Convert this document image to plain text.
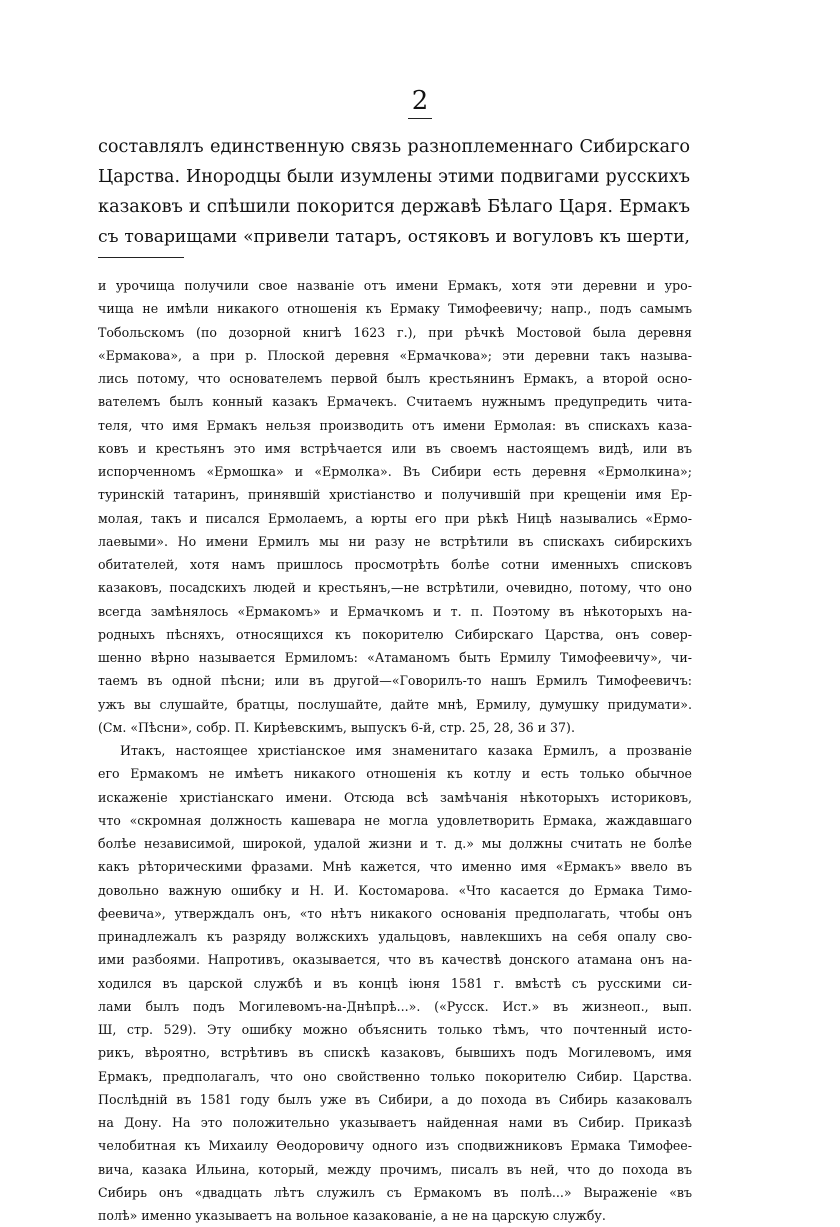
2
составлялъ единственную связь разноплеменнаго Сибирскаго
Царства. Инородцы были изумлены этими подвигами русскихъ
казаковъ и спѣшили покорится державѣ Бѣлаго Царя. Ермакъ
съ товарищами «привели татаръ, остяковъ и вогуловъ къ шерти,
и урочища получили свое названіе отъ имени Ермакъ, хотя эти деревни и уро-
чища не имѣли никакого отношенія къ Ермаку Тимофеевичу; напр., подъ самымъ
Тобольскомъ (по дозорной книгѣ 1623 г.), при рѣчкѣ Мостовой была деревня
«Ермакова», а при р. Плоской деревня «Ермачкова»; эти деревни такъ называ-
лись потому, что основателемъ первой былъ крестьянинъ Ермакъ, а второй осно-
вателемъ былъ конный казакъ Ермачекъ. Считаемъ нужнымъ предупредить чита-
теля, что имя Ермакъ нельзя производить отъ имени Ермолая: въ спискахъ каза-
ковъ и крестьянъ это имя встрѣчается или въ своемъ настоящемъ видѣ, или въ
испорченномъ «Ермошка» и «Ермолка». Въ Сибири есть деревня «Ермолкина»;
туринскій татаринъ, принявшій христіанство и получившій при крещеніи имя Ер-
молая, такъ и писался Ермолаемъ, а юрты его при рѣкѣ Ницѣ назывались «Ермо-
лаевыми». Но имени Ермилъ мы ни разу не встрѣтили въ спискахъ сибирскихъ
обитателей, хотя намъ пришлось просмотрѣть болѣе сотни именныхъ списковъ
казаковъ, посадскихъ людей и крестьянъ,—не встрѣтили, очевидно, потому, что оно
всегда замѣнялось «Ермакомъ» и Ермачкомъ и т. п. Поэтому въ нѣкоторыхъ на-
родныхъ пѣсняхъ, относящихся къ покорителю Сибирскаго Царства, онъ совер-
шенно вѣрно называется Ермиломъ: «Атаманомъ быть Ермилу Тимофеевичу», чи-
таемъ въ одной пѣсни; или въ другой—«Говорилъ-то нашъ Ермилъ Тимофеевичъ:
ужъ вы слушайте, братцы, послушайте, дайте мнѣ, Ермилу, думушку придумати».
(См. «Пѣсни», собр. П. Кирѣевскимъ, выпускъ 6-й, стр. 25, 28, 36 и 37).
Итакъ, настоящее христіанское имя знаменитаго казака Ермилъ, а прозваніе
его Ермакомъ не имѣетъ никакого отношенія къ котлу и есть только обычное
искаженіе христіанскаго имени. Отсюда всѣ замѣчанія нѣкоторыхъ историковъ,
что «скромная должность кашевара не могла удовлетворить Ермака, жаждавшаго
болѣе независимой, широкой, удалой жизни и т. д.» мы должны считать не болѣе
какъ рѣторическими фразами. Мнѣ кажется, что именно имя «Ермакъ» ввело въ
довольно важную ошибку и Н. И. Костомарова. «Что касается до Ермака Тимо-
феевича», утверждалъ онъ, «то нѣтъ никакого основанія предполагать, чтобы онъ
принадлежалъ къ разряду волжскихъ удальцовъ, навлекшихъ на себя опалу сво-
ими разбоями. Напротивъ, оказывается, что въ качествѣ донского атамана онъ на-
ходился въ царской службѣ и въ концѣ іюня 1581 г. вмѣстѣ съ русскими си-
лами былъ подъ Могилевомъ-на-Днѣпрѣ...». («Русск. Ист.» въ жизнеоп., вып.
Ш, стр. 529). Эту ошибку можно объяснить только тѣмъ, что почтенный исто-
рикъ, вѣроятно, встрѣтивъ въ спискѣ казаковъ, бывшихъ подъ Могилевомъ, имя
Ермакъ, предполагалъ, что оно свойственно только покорителю Сибир. Царства.
Послѣдній въ 1581 году былъ уже въ Сибири, а до похода въ Сибирь казаковалъ
на Дону. На это положительно указываетъ найденная нами въ Сибир. Приказѣ
челобитная къ Михаилу Ѳеодоровичу одного изъ сподвижниковъ Ермака Тимофее-
вича, казака Ильина, который, между прочимъ, писалъ въ ней, что до похода въ
Сибирь онъ «двадцать лѣтъ служилъ съ Ермакомъ въ полѣ...» Выраженіе «въ
полѣ» именно указываетъ на вольное казакованіе, а не на царскую службу.
